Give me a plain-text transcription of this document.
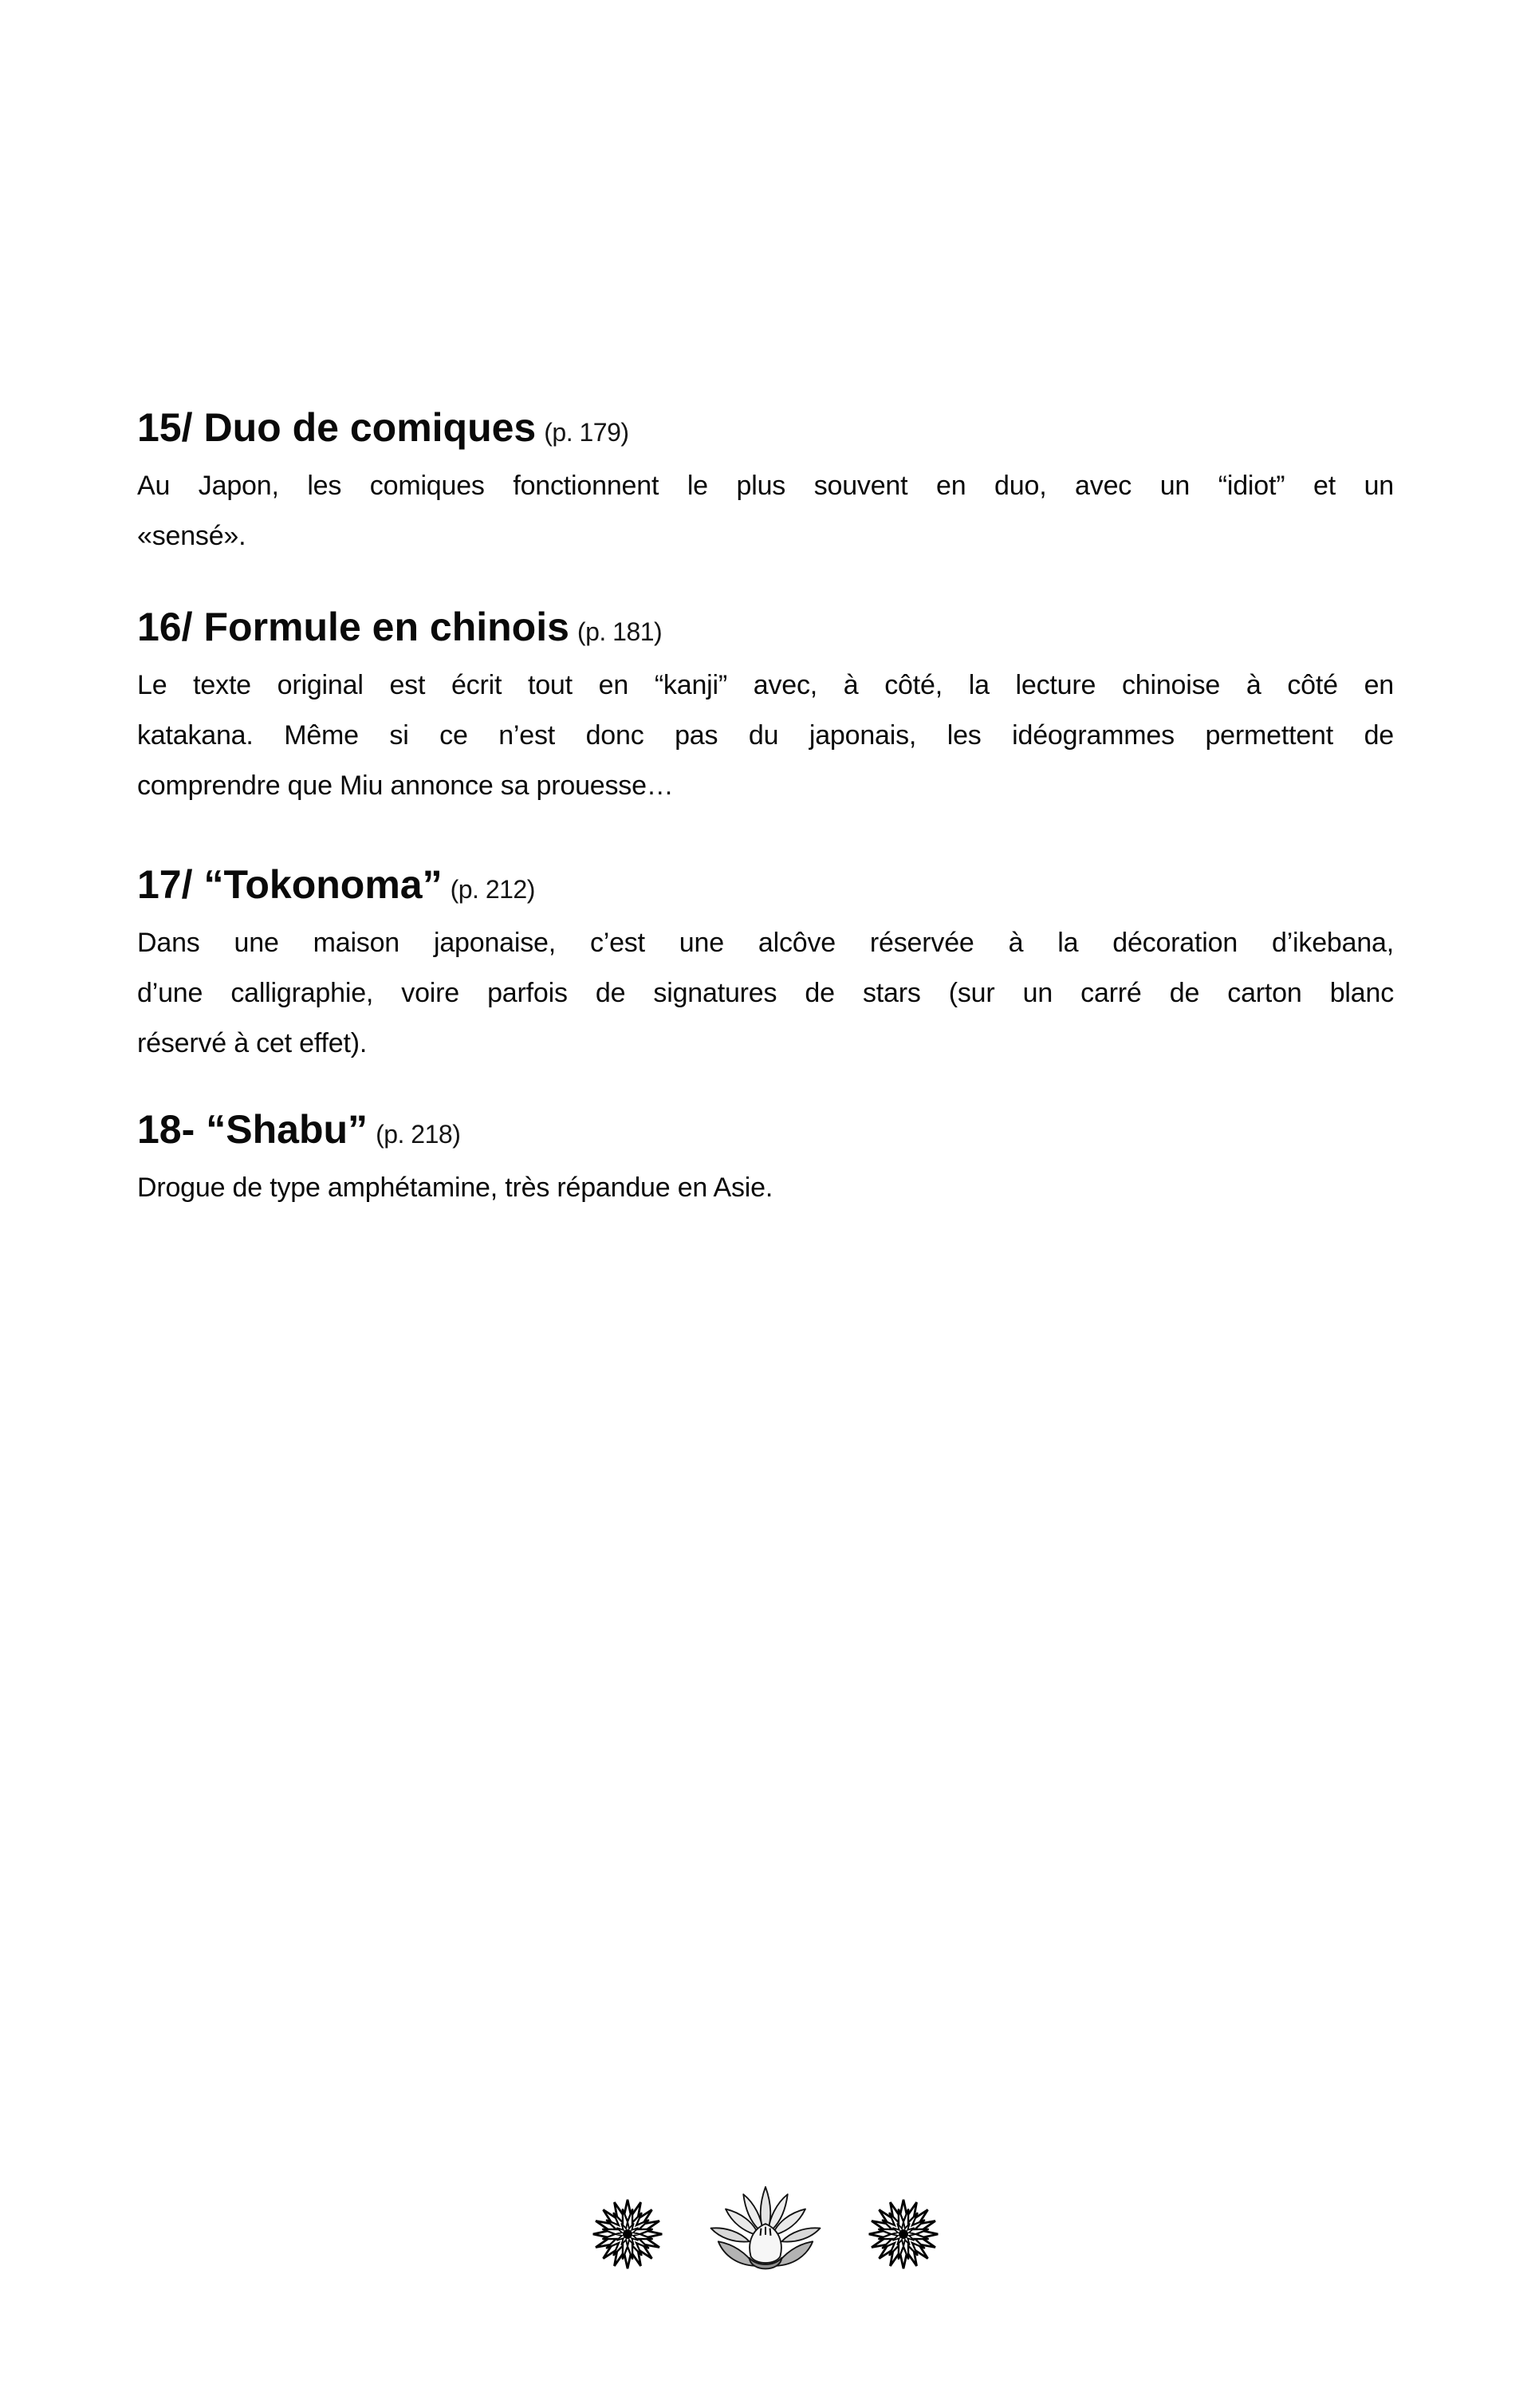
15/ Duo de comiques (p. 179)

Au Japon, les comiques fonctionnent le plus souvent en duo, avec un “idiot” et un
«sensé».

16/ Formule en chinois (p. 181)

Le texte original est écrit tout en “kanji” avec, à côté, la lecture chinoise à côté en
katakana. Même si ce n’est donc pas du japonais, les idéogrammes permettent de
comprendre que Miu annonce sa prouesse…

17/ “Tokonoma” (p. 212)

Dans une maison japonaise, c’est une alcôve réservée à la décoration d’ikebana,
d’une calligraphie, voire parfois de signatures de stars (sur un carré de carton blanc
réservé à cet effet).

18- “Shabu” (p. 218)

Drogue de type amphétamine, très répandue en Asie.
